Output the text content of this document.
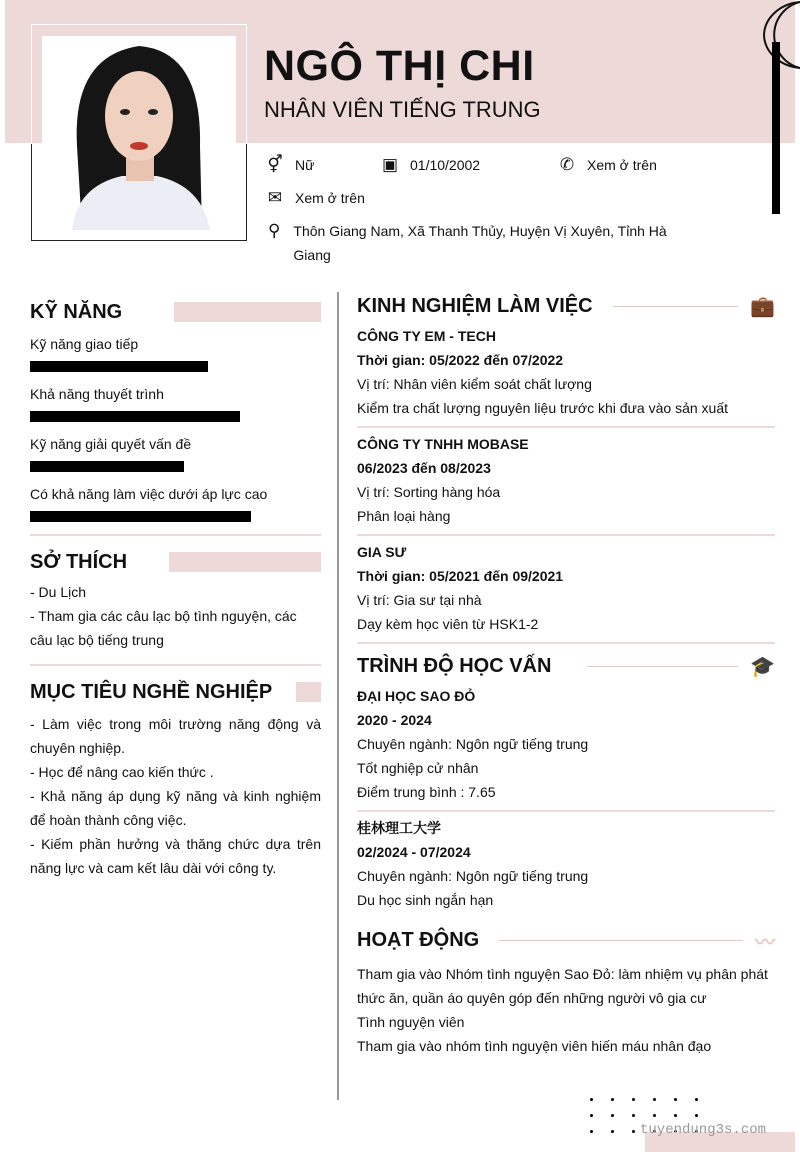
NGÔ THỊ CHI
NHÂN VIÊN TIẾNG TRUNG
⚥ Nữ	▣ 01/10/2002	✆ Xem ở trên
✉ Xem ở trên
⚲ Thôn Giang Nam, Xã Thanh Thủy, Huyện Vị Xuyên, Tỉnh Hà Giang
KỸ NĂNG
Kỹ năng giao tiếp
Khả năng thuyết trình
Kỹ năng giải quyết vấn đề
Có khả năng làm việc dưới áp lực cao
SỞ THÍCH
- Du Lịch
- Tham gia các câu lạc bộ tình nguyện, các câu lạc bộ tiếng trung
MỤC TIÊU NGHỀ NGHIỆP
- Làm việc trong môi trường năng động và chuyên nghiệp.
- Học để nâng cao kiến thức .
- Khả năng áp dụng kỹ năng và kinh nghiệm để hoàn thành công việc.
- Kiếm phần hưởng và thăng chức dựa trên năng lực và cam kết lâu dài với công ty.
KINH NGHIỆM LÀM VIỆC	💼
CÔNG TY EM - TECH
Thời gian: 05/2022 đến 07/2022
Vị trí: Nhân viên kiểm soát chất lượng
Kiểm tra chất lượng nguyên liệu trước khi đưa vào sản xuất
CÔNG TY TNHH MOBASE
06/2023 đến 08/2023
Vị trí: Sorting hàng hóa
Phân loại hàng
GIA SƯ
Thời gian: 05/2021 đến 09/2021
Vị trí: Gia sư tại nhà
Dạy kèm học viên từ HSK1-2
TRÌNH ĐỘ HỌC VẤN	🎓
ĐẠI HỌC SAO ĐỎ
2020 - 2024
Chuyên ngành: Ngôn ngữ tiếng trung
Tốt nghiệp cử nhân
Điểm trung bình : 7.65
桂林理工大学
02/2024 - 07/2024
Chuyên ngành: Ngôn ngữ tiếng trung
Du học sinh ngắn hạn
HOẠT ĐỘNG	〰
Tham gia vào Nhóm tình nguyện Sao Đỏ: làm nhiệm vụ phân phát thức ăn, quần áo quyên góp đến những người vô gia cư
Tình nguyện viên
Tham gia vào nhóm tình nguyện viên hiến máu nhân đạo
tuyendung3s.com
